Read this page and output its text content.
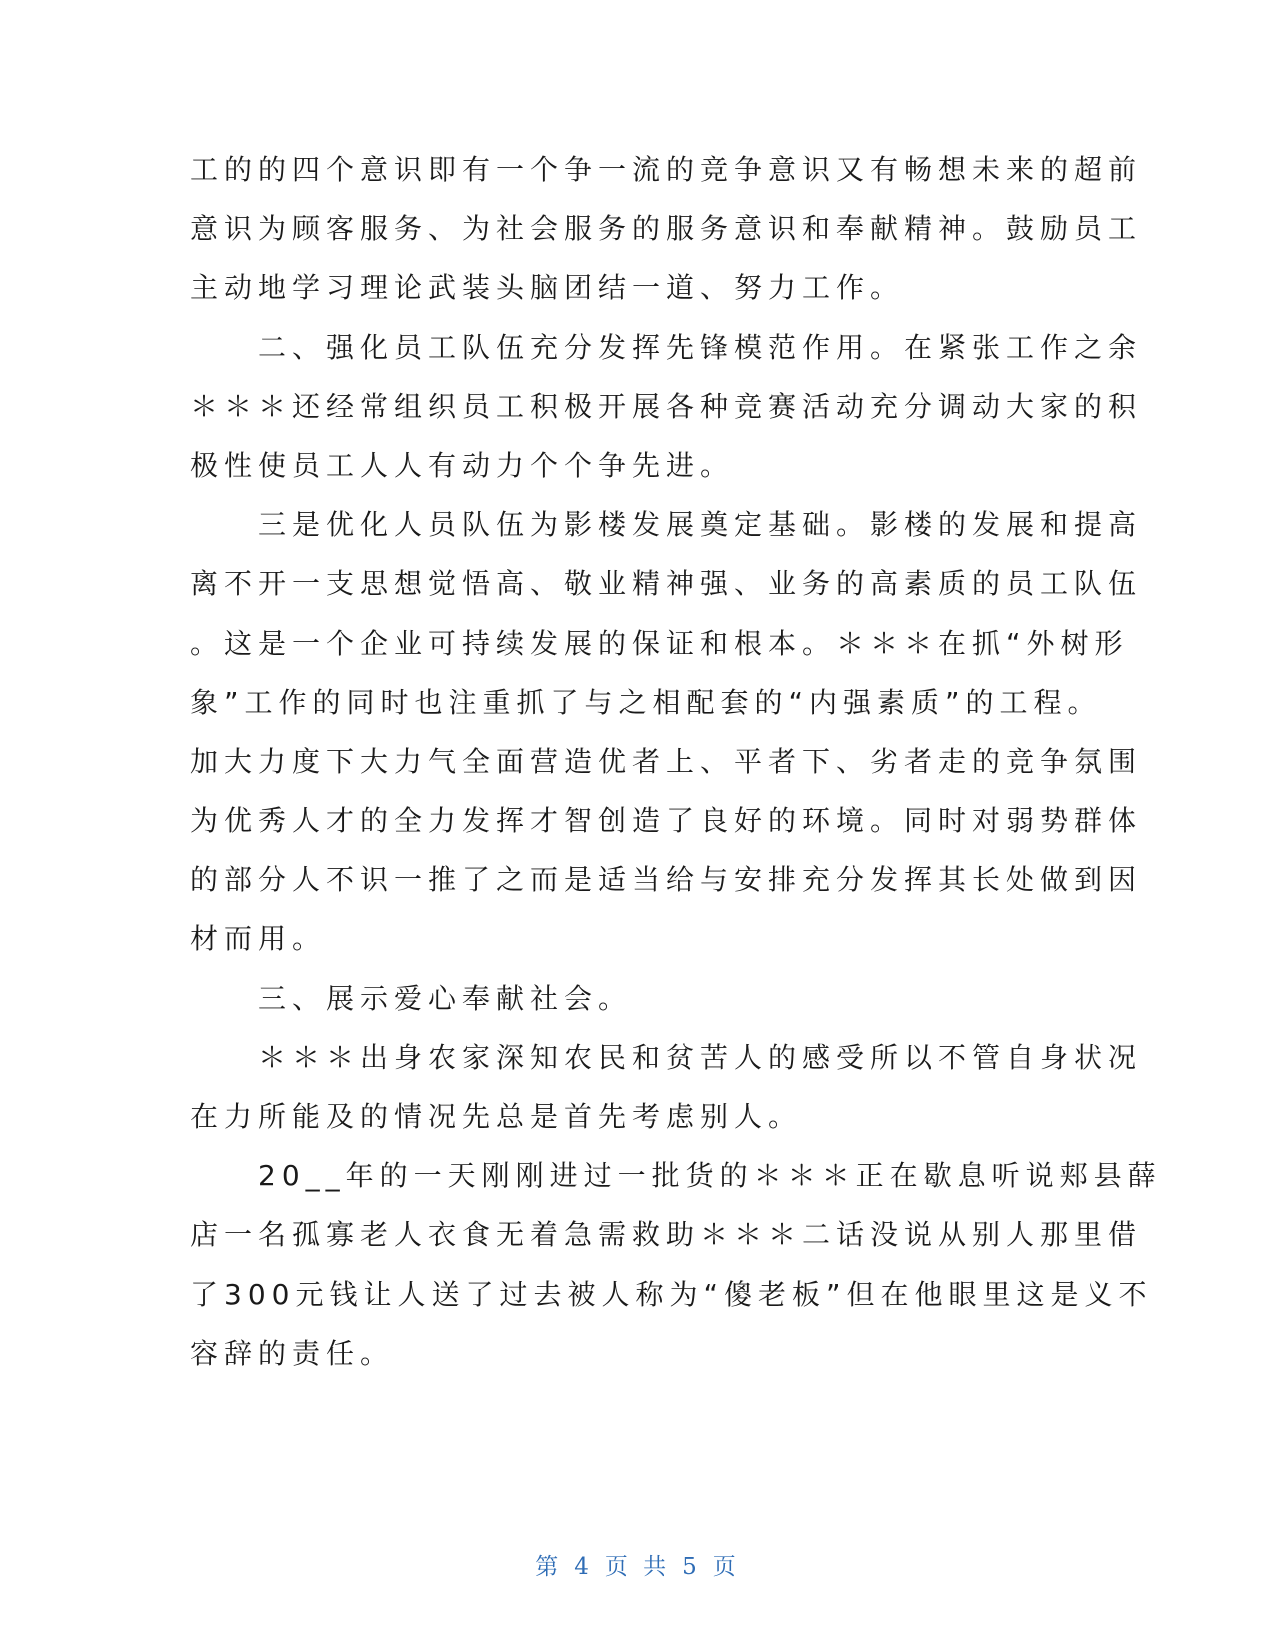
工的的四个意识即有一个争一流的竞争意识又有畅想未来的超前
意识为顾客服务、为社会服务的服务意识和奉献精神。鼓励员工
主动地学习理论武装头脑团结一道、努力工作。
　　二、强化员工队伍充分发挥先锋模范作用。在紧张工作之余
＊＊＊还经常组织员工积极开展各种竞赛活动充分调动大家的积
极性使员工人人有动力个个争先进。
　　三是优化人员队伍为影楼发展奠定基础。影楼的发展和提高
离不开一支思想觉悟高、敬业精神强、业务的高素质的员工队伍
。这是一个企业可持续发展的保证和根本。＊＊＊在抓“外树形
象”工作的同时也注重抓了与之相配套的“内强素质”的工程。
加大力度下大力气全面营造优者上、平者下、劣者走的竞争氛围
为优秀人才的全力发挥才智创造了良好的环境。同时对弱势群体
的部分人不识一推了之而是适当给与安排充分发挥其长处做到因
材而用。
　　三、展示爱心奉献社会。
　　＊＊＊出身农家深知农民和贫苦人的感受所以不管自身状况
在力所能及的情况先总是首先考虑别人。
　　20__年的一天刚刚进过一批货的＊＊＊正在歇息听说郏县薛
店一名孤寡老人衣食无着急需救助＊＊＊二话没说从别人那里借
了300元钱让人送了过去被人称为“傻老板”但在他眼里这是义不
容辞的责任。
第 4 页 共 5 页
